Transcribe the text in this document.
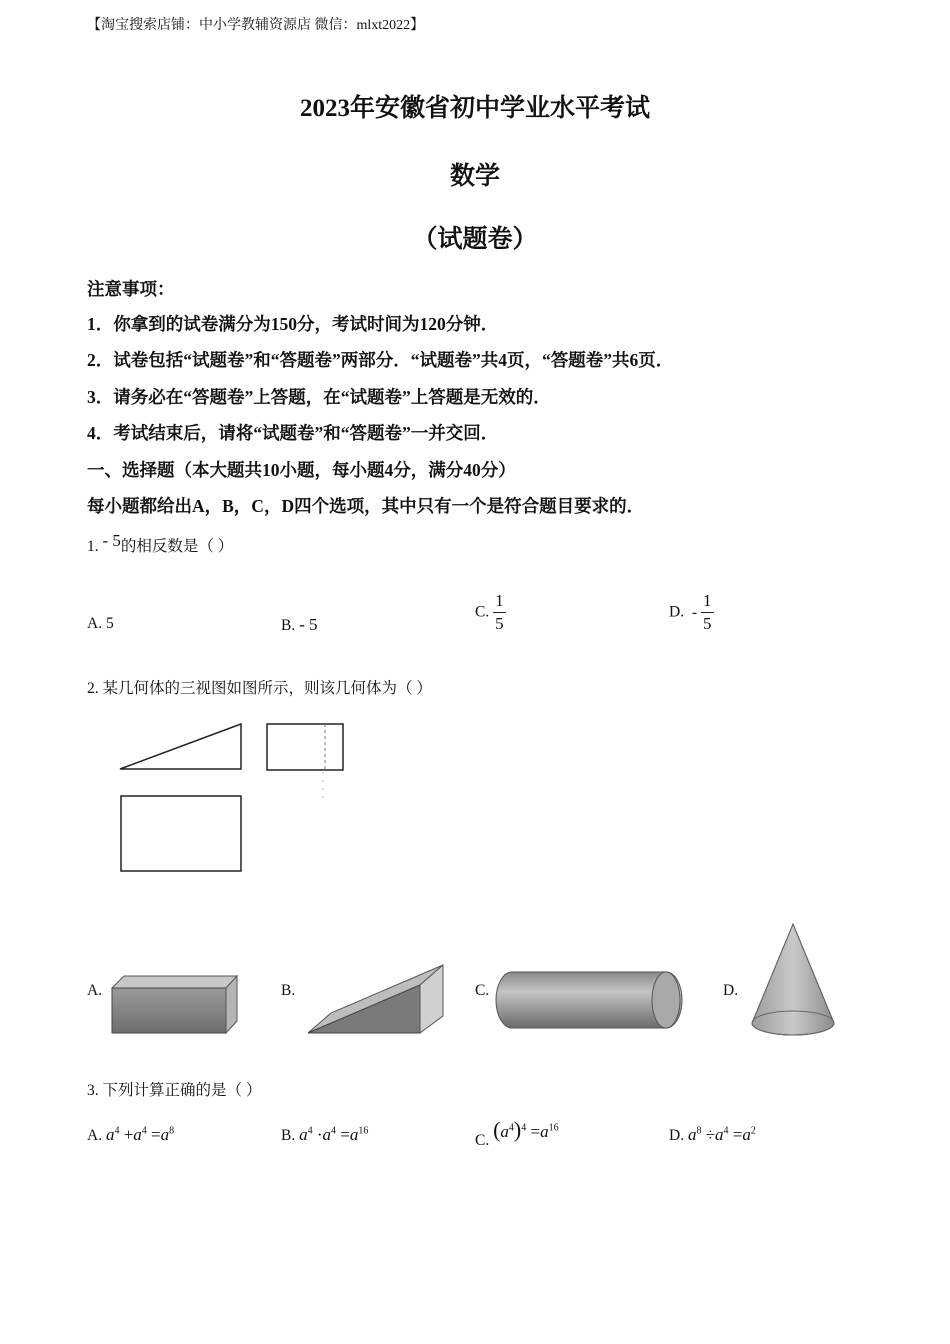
【淘宝搜索店铺：中小学教辅资源店 微信：mlxt2022】
2023年安徽省初中学业水平考试
数学
（试题卷）
注意事项：
1．你拿到的试卷满分为150分，考试时间为120分钟．
2．试卷包括“试题卷”和“答题卷”两部分．“试题卷”共4页，“答题卷”共6页．
3．请务必在“答题卷”上答题，在“试题卷”上答题是无效的．
4．考试结束后，请将“试题卷”和“答题卷”一并交回．
一、选择题（本大题共10小题，每小题4分，满分40分）
每小题都给出A，B，C，D四个选项，其中只有一个是符合题目要求的．
1. - 5的相反数是（ ）
A. 5	B. - 5
C. $\frac{1}{5}$	D. - $\frac{1}{5}$
2. 某几何体的三视图如图所示，则该几何体为（ ）
A.	B.	C.	D.
3. 下列计算正确的是（ ）
A. $a^4 +a^4 =a^8$	B. $a^4 \cdot a^4 =a^{16}$
C. $(a^4)^4 =a^{16}$	D. $a^8 \div a^4 =a^2$
